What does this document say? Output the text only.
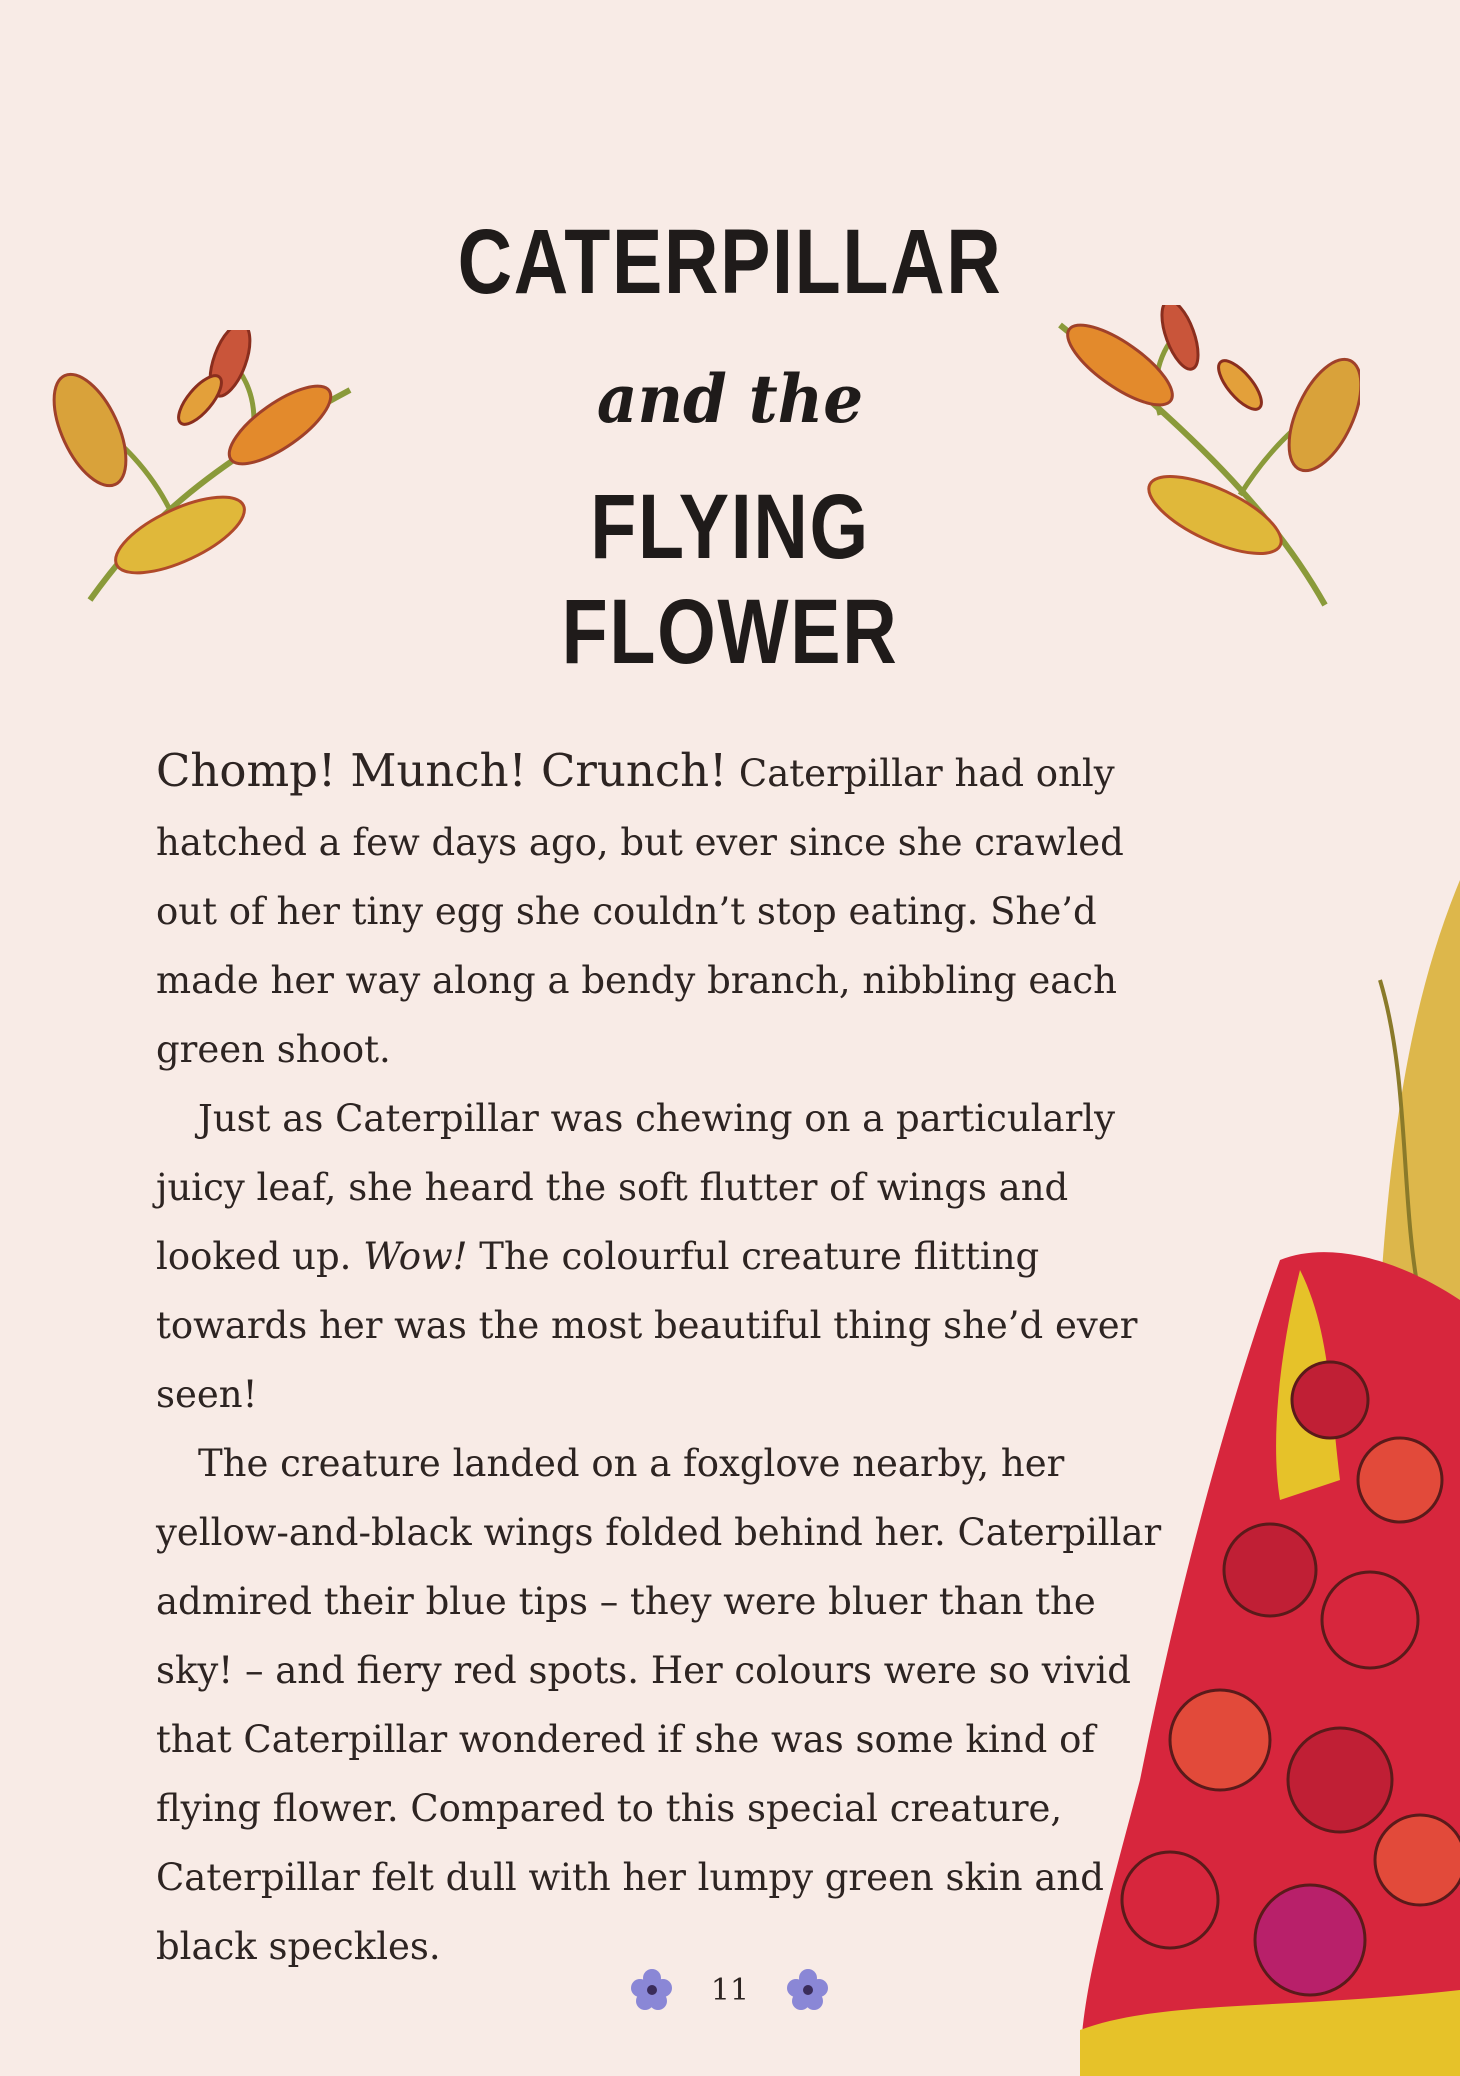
CATERPILLAR
and the
FLYING FLOWER

Chomp! Munch! Crunch! Caterpillar had only hatched a few days ago, but ever since she crawled out of her tiny egg she couldn’t stop eating. She’d made her way along a bendy branch, nibbling each green shoot.

Just as Caterpillar was chewing on a particularly juicy leaf, she heard the soft flutter of wings and looked up. Wow! The colourful creature flitting towards her was the most beautiful thing she’d ever seen!

The creature landed on a foxglove nearby, her yellow-and-black wings folded behind her. Caterpillar admired their blue tips – they were bluer than the sky! – and fiery red spots. Her colours were so vivid that Caterpillar wondered if she was some kind of flying flower. Compared to this special creature, Caterpillar felt dull with her lumpy green skin and black speckles.

11
